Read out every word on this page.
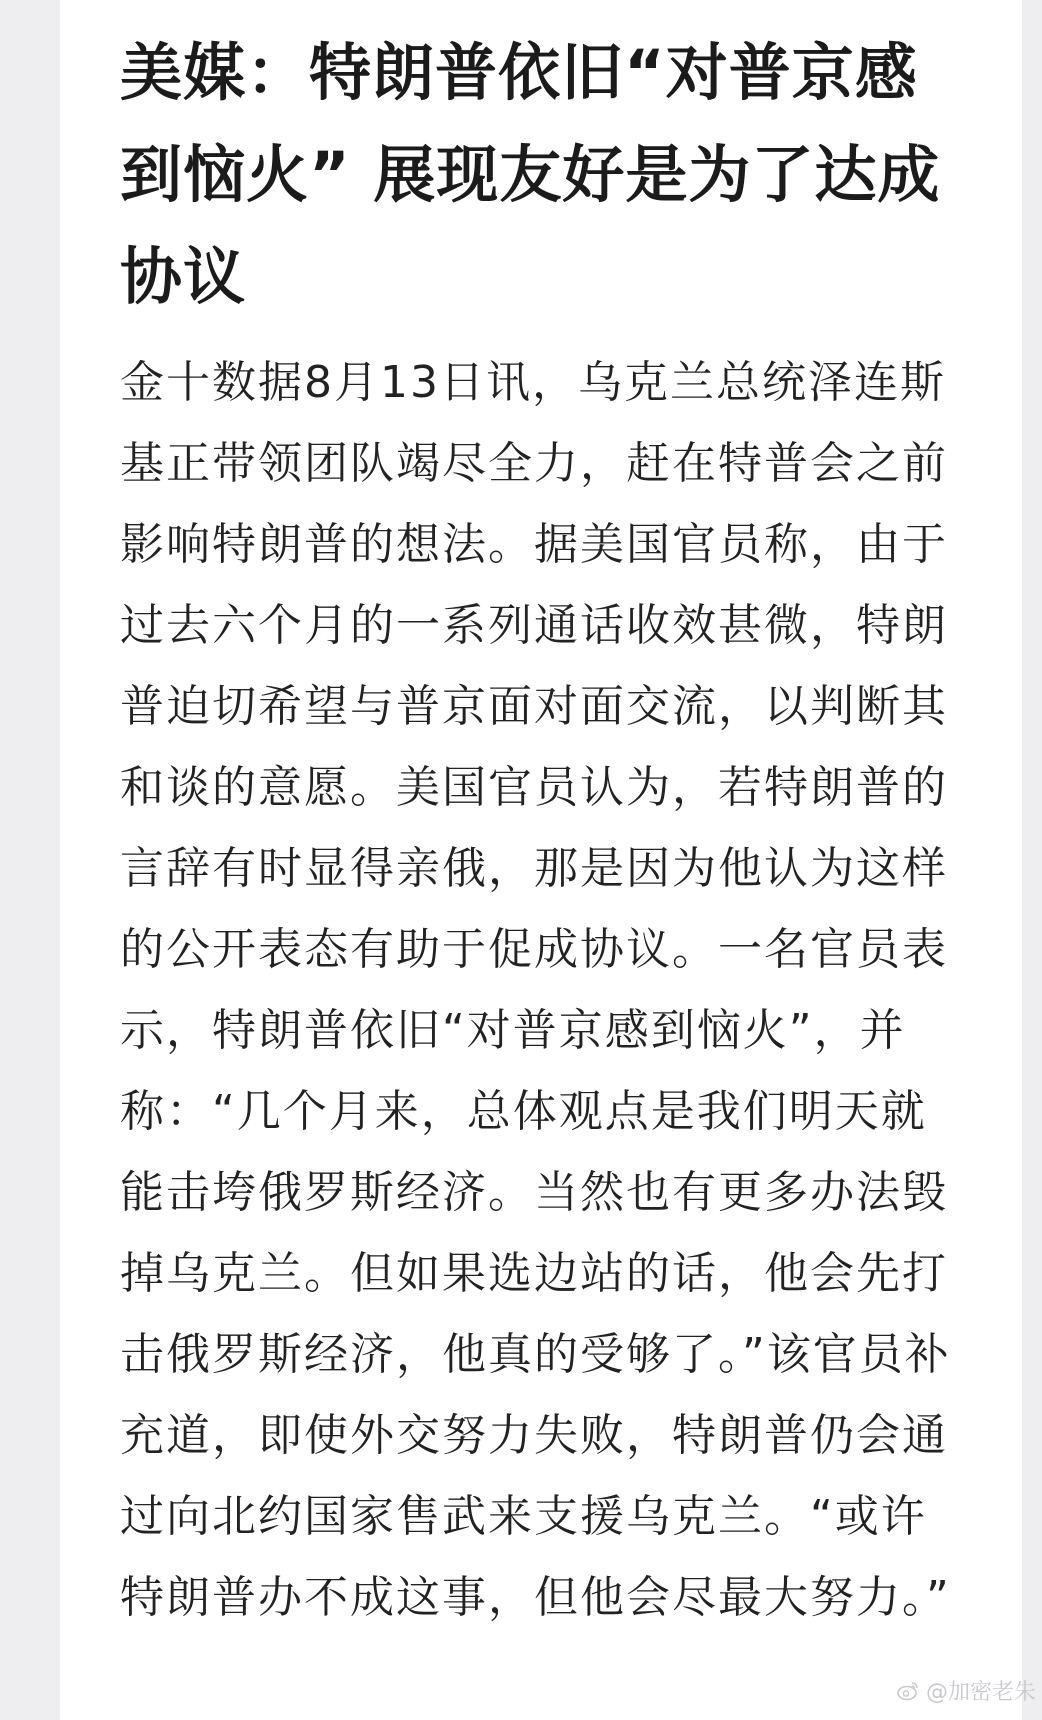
美媒：特朗普依旧“对普京感到恼火” 展现友好是为了达成协议

金十数据8月13日讯，乌克兰总统泽连斯基正带领团队竭尽全力，赶在特普会之前影响特朗普的想法。据美国官员称，由于过去六个月的一系列通话收效甚微，特朗普迫切希望与普京面对面交流，以判断其和谈的意愿。美国官员认为，若特朗普的言辞有时显得亲俄，那是因为他认为这样的公开表态有助于促成协议。一名官员表示，特朗普依旧“对普京感到恼火”，并称：“几个月来，总体观点是我们明天就能击垮俄罗斯经济。当然也有更多办法毁掉乌克兰。但如果选边站的话，他会先打击俄罗斯经济，他真的受够了。”该官员补充道，即使外交努力失败，特朗普仍会通过向北约国家售武来支援乌克兰。“或许特朗普办不成这事，但他会尽最大努力。”

@加密老朱
